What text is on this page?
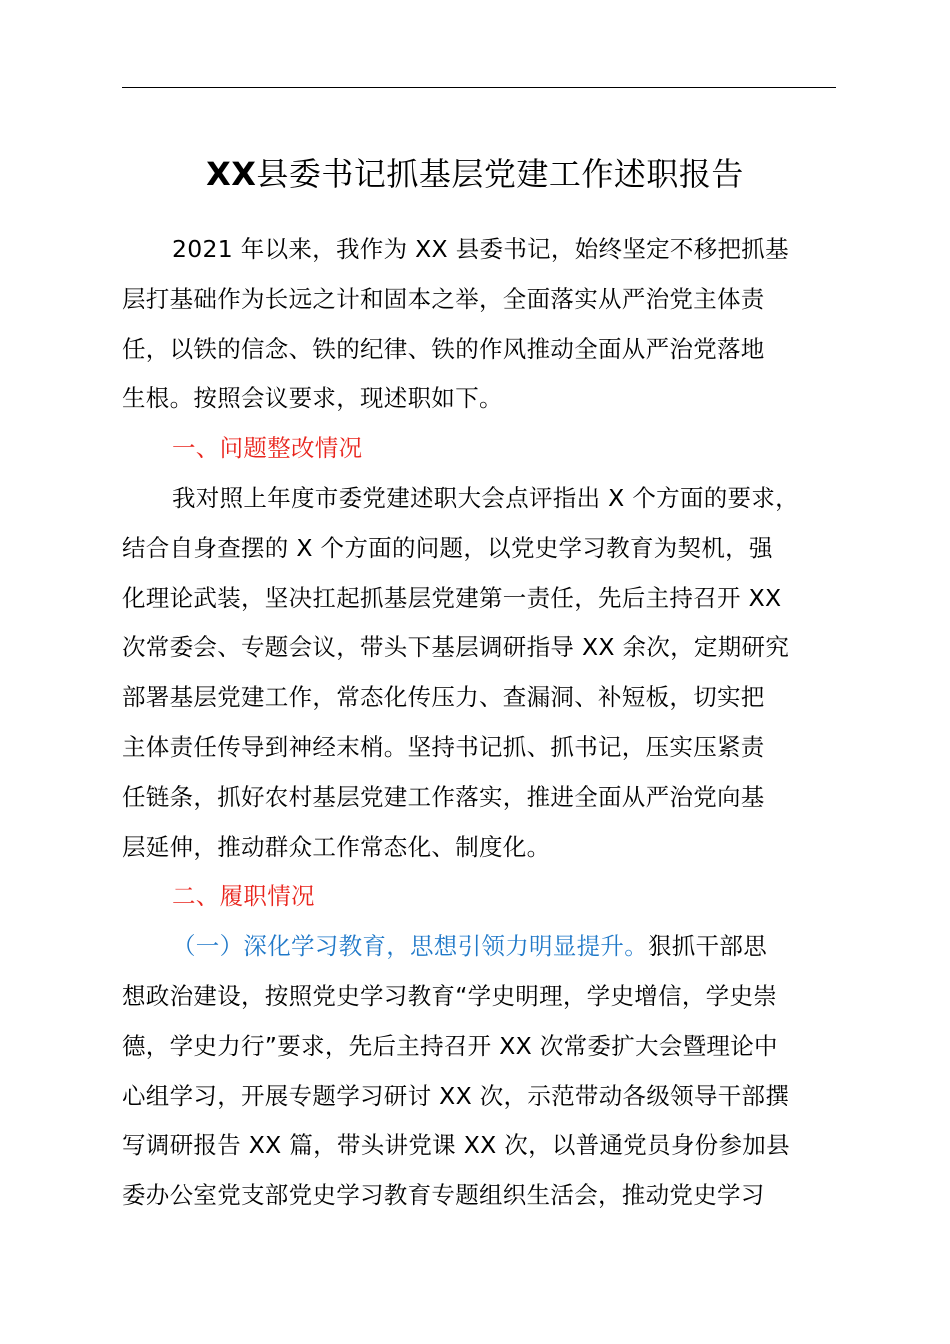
XX县委书记抓基层党建工作述职报告
2021 年以来，我作为 XX 县委书记，始终坚定不移把抓基
层打基础作为长远之计和固本之举，全面落实从严治党主体责
任，以铁的信念、铁的纪律、铁的作风推动全面从严治党落地
生根。按照会议要求，现述职如下。
一、问题整改情况
我对照上年度市委党建述职大会点评指出 X 个方面的要求，
结合自身查摆的 X 个方面的问题，以党史学习教育为契机，强
化理论武装，坚决扛起抓基层党建第一责任，先后主持召开 XX
次常委会、专题会议，带头下基层调研指导 XX 余次，定期研究
部署基层党建工作，常态化传压力、查漏洞、补短板，切实把
主体责任传导到神经末梢。坚持书记抓、抓书记，压实压紧责
任链条，抓好农村基层党建工作落实，推进全面从严治党向基
层延伸，推动群众工作常态化、制度化。
二、履职情况
（一）深化学习教育，思想引领力明显提升。狠抓干部思
想政治建设，按照党史学习教育“学史明理，学史增信，学史崇
德，学史力行”要求，先后主持召开 XX 次常委扩大会暨理论中
心组学习，开展专题学习研讨 XX 次，示范带动各级领导干部撰
写调研报告 XX 篇，带头讲党课 XX 次，以普通党员身份参加县
委办公室党支部党史学习教育专题组织生活会，推动党史学习
